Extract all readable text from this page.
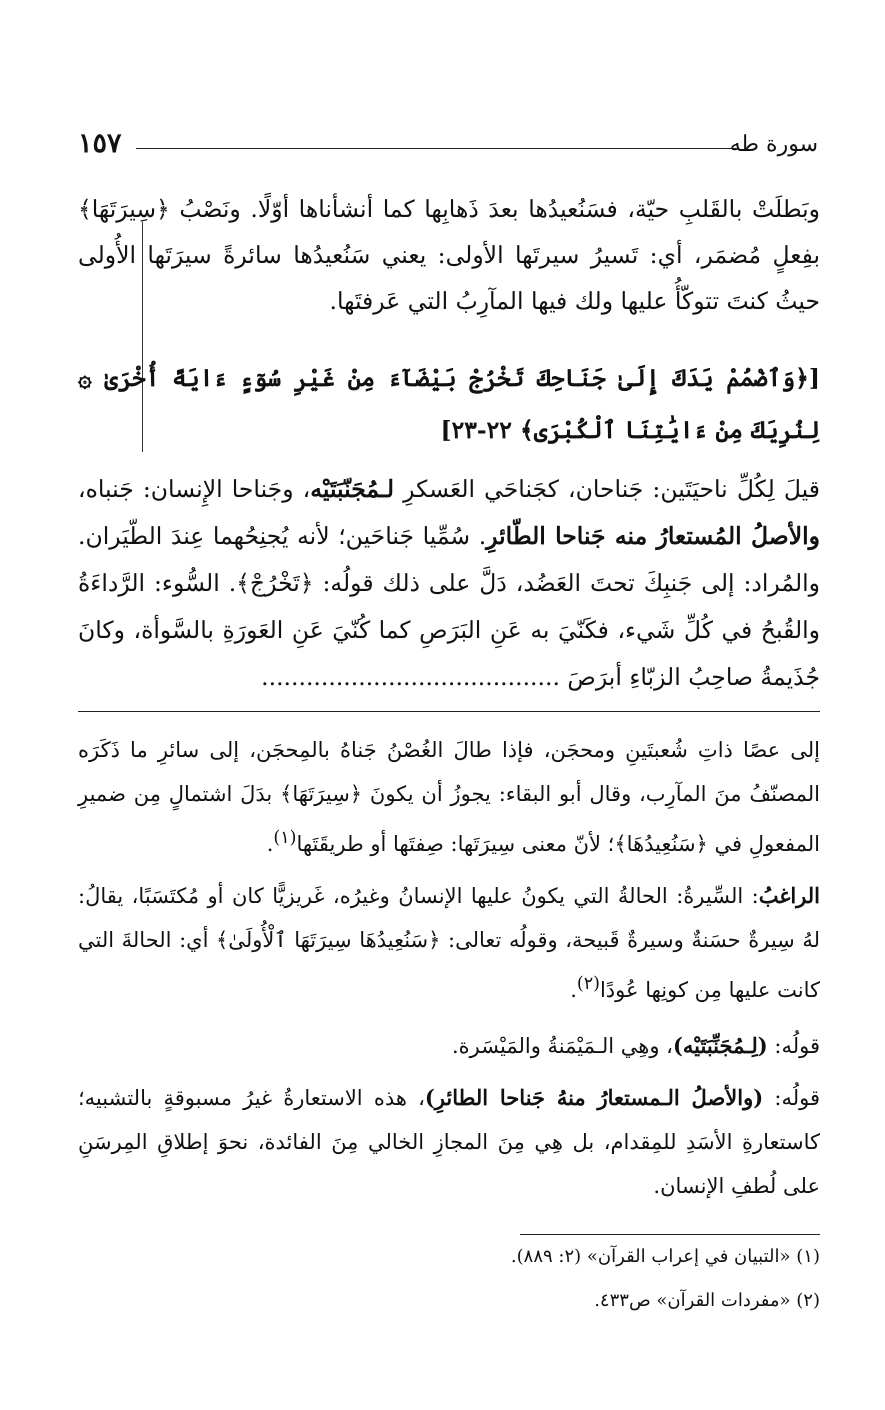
سورة طه
١٥٧
وبَطلَتْ بالقَلبِ حيّة، فسَنُعيدُها بعدَ ذَهابِها كما أنشأناها أوّلًا. ونَصْبُ ﴿سِيرَتَهَا﴾ بفِعلٍ مُضمَر، أي: تَسيرُ سيرتَها الأولى: يعني سَنُعيدُها سائرةً سيرَتَها الأُولى حيثُ كنتَ تتوكّأُ عليها ولك فيها المآرِبُ التي عَرفتَها.
[﴿وَٱضْمُمْ يَدَكَ إِلَىٰ جَنَاحِكَ تَخْرُجْ بَيْضَآءَ مِنْ غَيْرِ سُوٓءٍ ءَايَةً أُخْرَىٰ ۞ لِنُرِيَكَ مِنْ ءَايَٰتِنَا ٱلْكُبْرَى﴾ ٢٢-٢٣]
قيلَ لِكُلِّ ناحيَتَين: جَناحان، كجَناحَي العَسكرِ لـمُجَنّبَتَيْه، وجَناحا الإِنسان: جَنباه، والأصلُ المُستعارُ منه جَناحا الطّائرِ. سُمِّيا جَناحَين؛ لأنه يُجنِحُهما عِندَ الطّيَران. والمُراد: إلى جَنبِكَ تحتَ العَضُد، دَلَّ على ذلك قولُه: ﴿تَخْرُجْ﴾. السُّوء: الرَّداءَةُ والقُبحُ في كُلِّ شَيء، فكَنّيَ به عَنِ البَرَصِ كما كُنّيَ عَنِ العَورَةِ بالسَّوأة، وكانَ جُذَيمةُ صاحِبُ الزبّاءِ أبرَصَ ........................................
إلى عصًا ذاتِ شُعبتَينِ ومحجَن، فإذا طالَ الغُصْنُ جَناهُ بالمِحجَن، إلى سائرِ ما ذَكَرَه المصنّفُ منَ المآرِب، وقال أبو البقاء: يجوزُ أن يكونَ ﴿سِيرَتَهَا﴾ بدَلَ اشتمالٍ مِن ضميرِ المفعولِ في ﴿سَنُعِيدُهَا﴾؛ لأنّ معنى سِيرَتَها: صِفتَها أو طريقَتَها$^{(١)}$.
الراغبُ: السِّيرةُ: الحالةُ التي يكونُ عليها الإنسانُ وغيرُه، غَريزيًّا كان أو مُكتَسَبًا، يقالُ: لهُ سِيرةٌ حسَنةٌ وسيرةٌ قَبيحة، وقولُه تعالى: ﴿سَنُعِيدُهَا سِيرَتَهَا ٱلْأُولَىٰ﴾ أي: الحالةَ التي كانت عليها مِن كونِها عُودًا$^{(٢)}$.
قولُه: (لِـمُجَنِّبَتَيْه)، وهِي الـمَيْمَنةُ والمَيْسَرة.
قولُه: (والأصلُ الـمستعارُ منهُ جَناحا الطائرِ)، هذه الاستعارةُ غيرُ مسبوقةٍ بالتشبيه؛ كاستعارةِ الأسَدِ للمِقدام، بل هِي مِنَ المجازِ الخالي مِنَ الفائدة، نحوَ إطلاقِ المِرسَنِ على لُطفِ الإنسان.
(١) «التبيان في إعراب القرآن» (٢: ٨٨٩).
(٢) «مفردات القرآن» ص٤٣٣.
